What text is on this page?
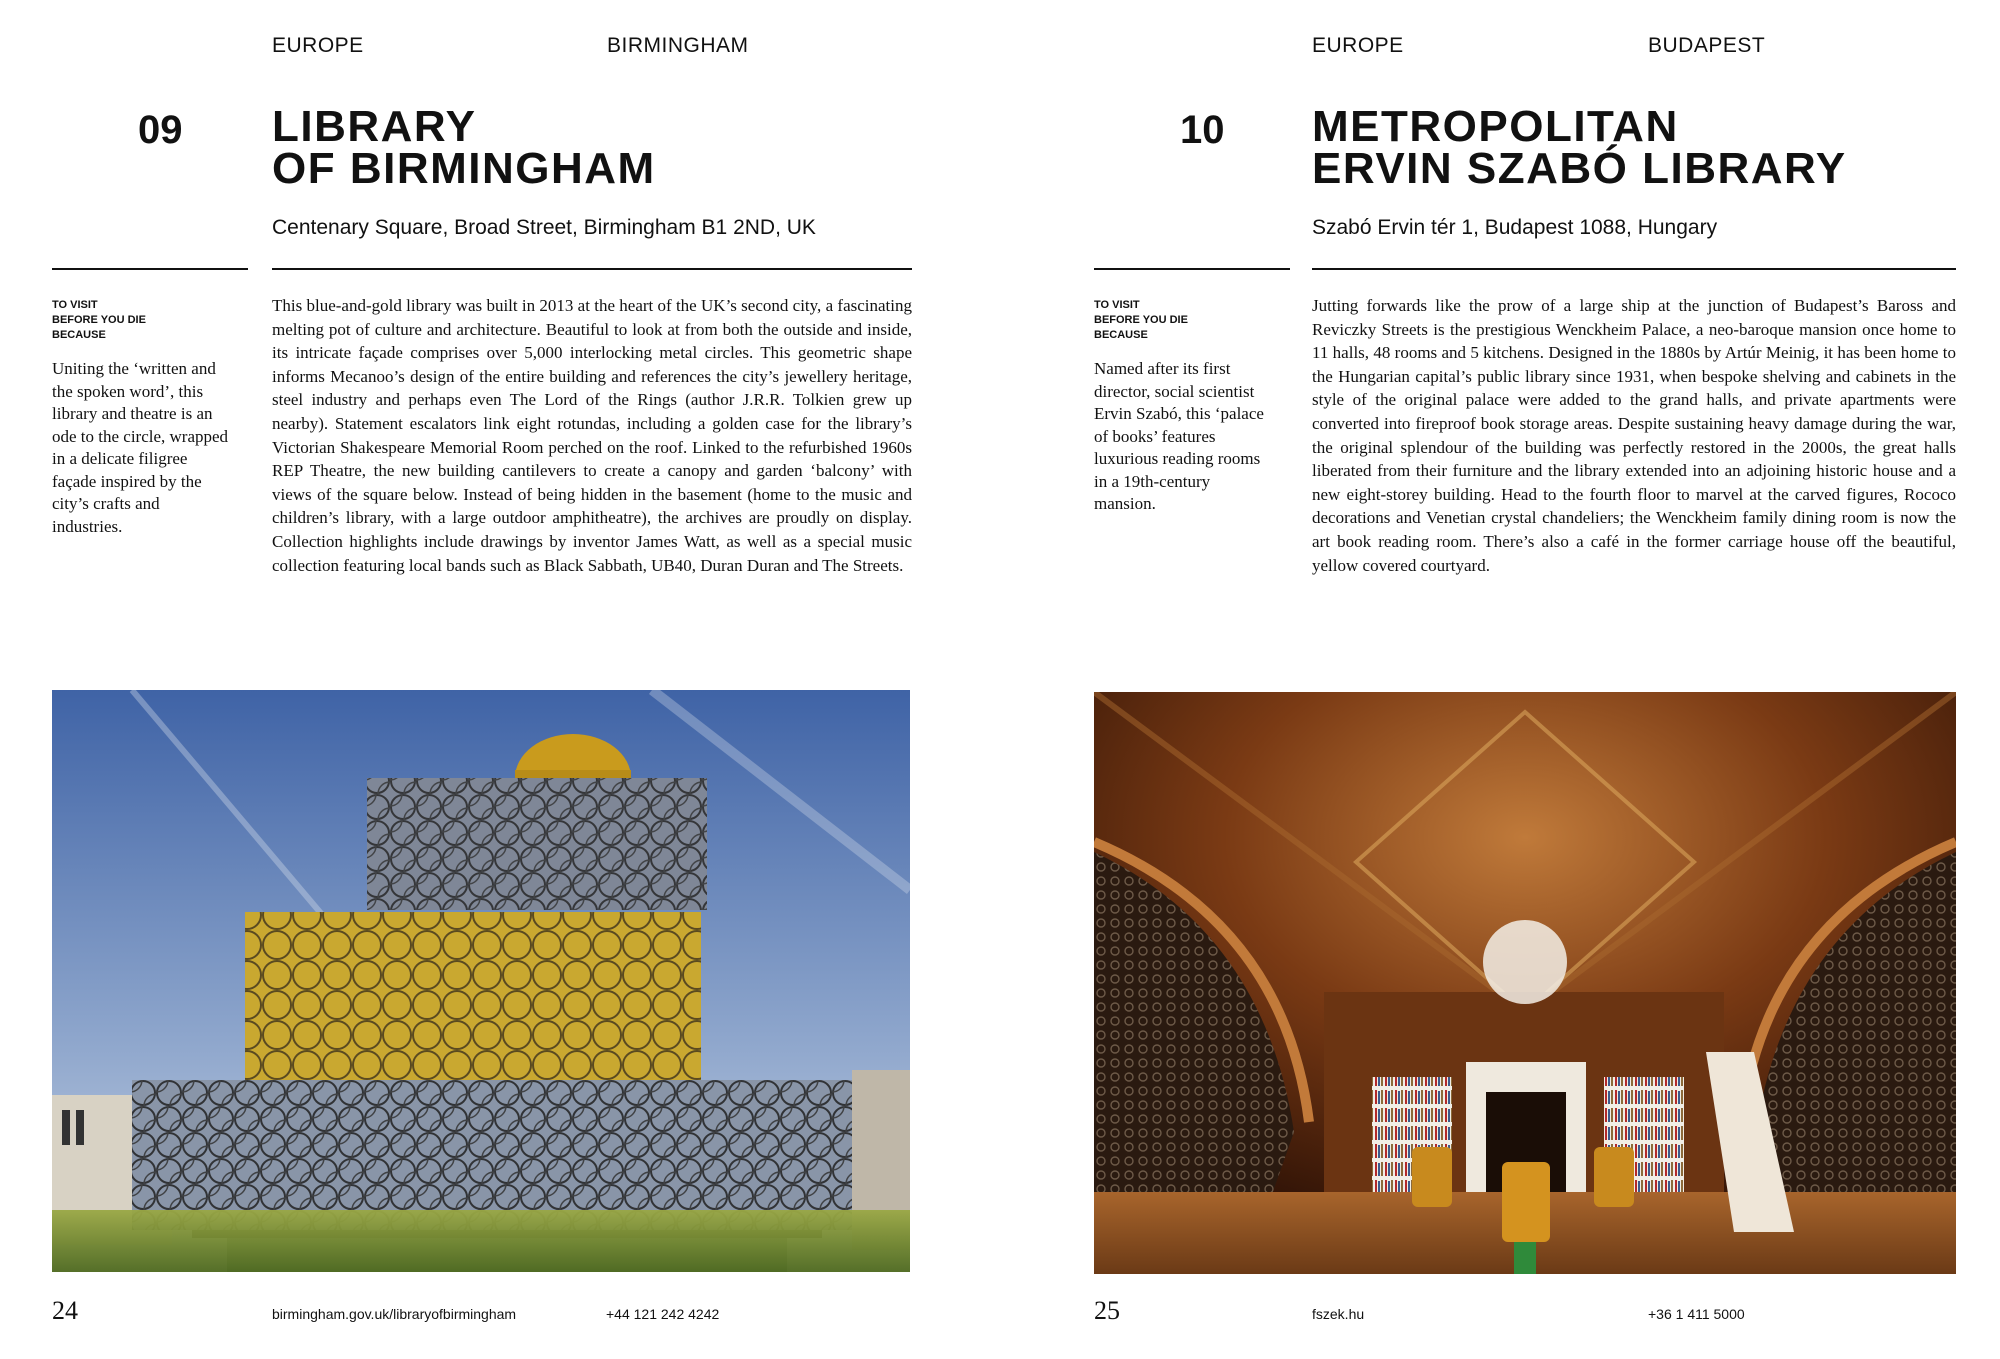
EUROPE	BIRMINGHAM
09 LIBRARY
OF BIRMINGHAM
Centenary Square, Broad Street, Birmingham B1 2ND, UK
TO VISIT
BEFORE YOU DIE
BECAUSE
Uniting the ‘written and the spoken word’, this library and theatre is an ode to the circle, wrapped in a delicate filigree façade inspired by the city’s crafts and industries.
This blue-and-gold library was built in 2013 at the heart of the UK’s second city, a fascinating melting pot of culture and architecture. Beautiful to look at from both the outside and inside, its intricate façade comprises over 5,000 interlocking metal circles. This geometric shape informs Mecanoo’s design of the entire building and references the city’s jewellery heritage, steel industry and perhaps even The Lord of the Rings (author J.R.R. Tolkien grew up nearby). Statement escalators link eight rotundas, including a golden case for the library’s Victorian Shakespeare Memorial Room perched on the roof. Linked to the refurbished 1960s REP Theatre, the new building cantilevers to create a canopy and garden ‘balcony’ with views of the square below. Instead of being hidden in the basement (home to the music and children’s library, with a large outdoor amphitheatre), the archives are proudly on display. Collection highlights include drawings by inventor James Watt, as well as a special music collection featuring local bands such as Black Sabbath, UB40, Duran Duran and The Streets.
24	birmingham.gov.uk/libraryofbirmingham	+44 121 242 4242
EUROPE	BUDAPEST
10 METROPOLITAN
ERVIN SZABÓ LIBRARY
Szabó Ervin tér 1, Budapest 1088, Hungary
TO VISIT
BEFORE YOU DIE
BECAUSE
Named after its first director, social scientist Ervin Szabó, this ‘palace of books’ features luxurious reading rooms in a 19th-century mansion.
Jutting forwards like the prow of a large ship at the junction of Budapest’s Baross and Reviczky Streets is the prestigious Wenckheim Palace, a neo-baroque mansion once home to 11 halls, 48 rooms and 5 kitchens. Designed in the 1880s by Artúr Meinig, it has been home to the Hungarian capital’s public library since 1931, when bespoke shelving and cabinets in the style of the original palace were added to the grand halls, and private apartments were converted into fireproof book storage areas. Despite sustaining heavy damage during the war, the original splendour of the building was perfectly restored in the 2000s, the great halls liberated from their furniture and the library extended into an adjoining historic house and a new eight-storey building. Head to the fourth floor to marvel at the carved figures, Rococo decorations and Venetian crystal chandeliers; the Wenckheim family dining room is now the art book reading room. There’s also a café in the former carriage house off the beautiful, yellow covered courtyard.
25	fszek.hu	+36 1 411 5000
